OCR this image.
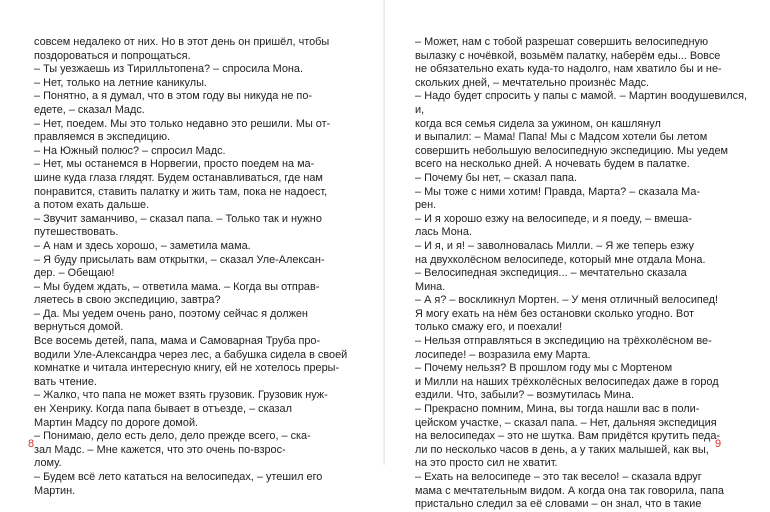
совсем недалеко от них. Но в этот день он пришёл, чтобы

поздороваться и попрощаться.

– Ты уезжаешь из Тирилльтопена? – спросила Мона.

– Нет, только на летние каникулы.

– Понятно, а я думал, что в этом году вы никуда не по-

едете, – сказал Мадс.

– Нет, поедем. Мы это только недавно это решили. Мы от-

правляемся в экспедицию.

– На Южный полюс? – спросил Мадс.

– Нет, мы останемся в Норвегии, просто поедем на ма-

шине куда глаза глядят. Будем останавливаться, где нам

понравится, ставить палатку и жить там, пока не надоест,

а потом ехать дальше.

– Звучит заманчиво, – сказал папа. – Только так и нужно

путешествовать.

– А нам и здесь хорошо, – заметила мама.

– Я буду присылать вам открытки, – сказал Уле-Алексан-

дер. – Обещаю!

– Мы будем ждать, – ответила мама. – Когда вы отправ-

ляетесь в свою экспедицию, завтра?

– Да. Мы уедем очень рано, поэтому сейчас я должен

вернуться домой.

Все восемь детей, папа, мама и Самоварная Труба про-

водили Уле-Александра через лес, а бабушка сидела в своей

комнатке и читала интересную книгу, ей не хотелось преры-

вать чтение.

– Жалко, что папа не может взять грузовик. Грузовик нуж-

ен Хенрику. Когда папа бывает в отъезде, – сказал

Мартин Мадсу по дороге домой.

– Понимаю, дело есть дело, дело прежде всего, – ска-

зал Мадс. – Мне кажется, что это очень по-взрос-

лому.

– Будем всё лето кататься на велосипедах, – утешил его

Мартин.

8

– Может, нам с тобой разрешат совершить велосипедную

вылазку с ночёвкой, возьмём палатку, наберём еды... Вовсе

не обязательно ехать куда-то надолго, нам хватило бы и не-

скольких дней, – мечтательно произнёс Мадс.

– Надо будет спросить у папы с мамой. – Мартин воодушевился, и,

когда вся семья сидела за ужином, он кашлянул

и выпалил: – Мама! Папа! Мы с Мадсом хотели бы летом

совершить небольшую велосипедную экспедицию. Мы уедем

всего на несколько дней. А ночевать будем в палатке.

– Почему бы нет, – сказал папа.

– Мы тоже с ними хотим! Правда, Марта? – сказала Ма-

рен.

– И я хорошо езжу на велосипеде, и я поеду, – вмеша-

лась Мона.

– И я, и я! – заволновалась Милли. – Я же теперь езжу

на двухколёсном велосипеде, который мне отдала Мона.

– Велосипедная экспедиция... – мечтательно сказала

Мина.

– А я? – воскликнул Мортен. – У меня отличный велосипед!

Я могу ехать на нём без остановки сколько угодно. Вот

только смажу его, и поехали!

– Нельзя отправляться в экспедицию на трёхколёсном ве-

лосипеде! – возразила ему Марта.

– Почему нельзя? В прошлом году мы с Мортеном

и Милли на наших трёхколёсных велосипедах даже в город

ездили. Что, забыли? – возмутилась Мина.

– Прекрасно помним, Мина, вы тогда нашли вас в поли-

цейском участке, – сказал папа. – Нет, дальняя экспедиция

на велосипедах – это не шутка. Вам придётся крутить педа-

ли по несколько часов в день, а у таких малышей, как вы,

на это просто сил не хватит.

– Ехать на велосипеде – это так весело! – сказала вдруг

мама с мечтательным видом. А когда она так говорила, папа

пристально следил за её словами – он знал, что в такие

9
